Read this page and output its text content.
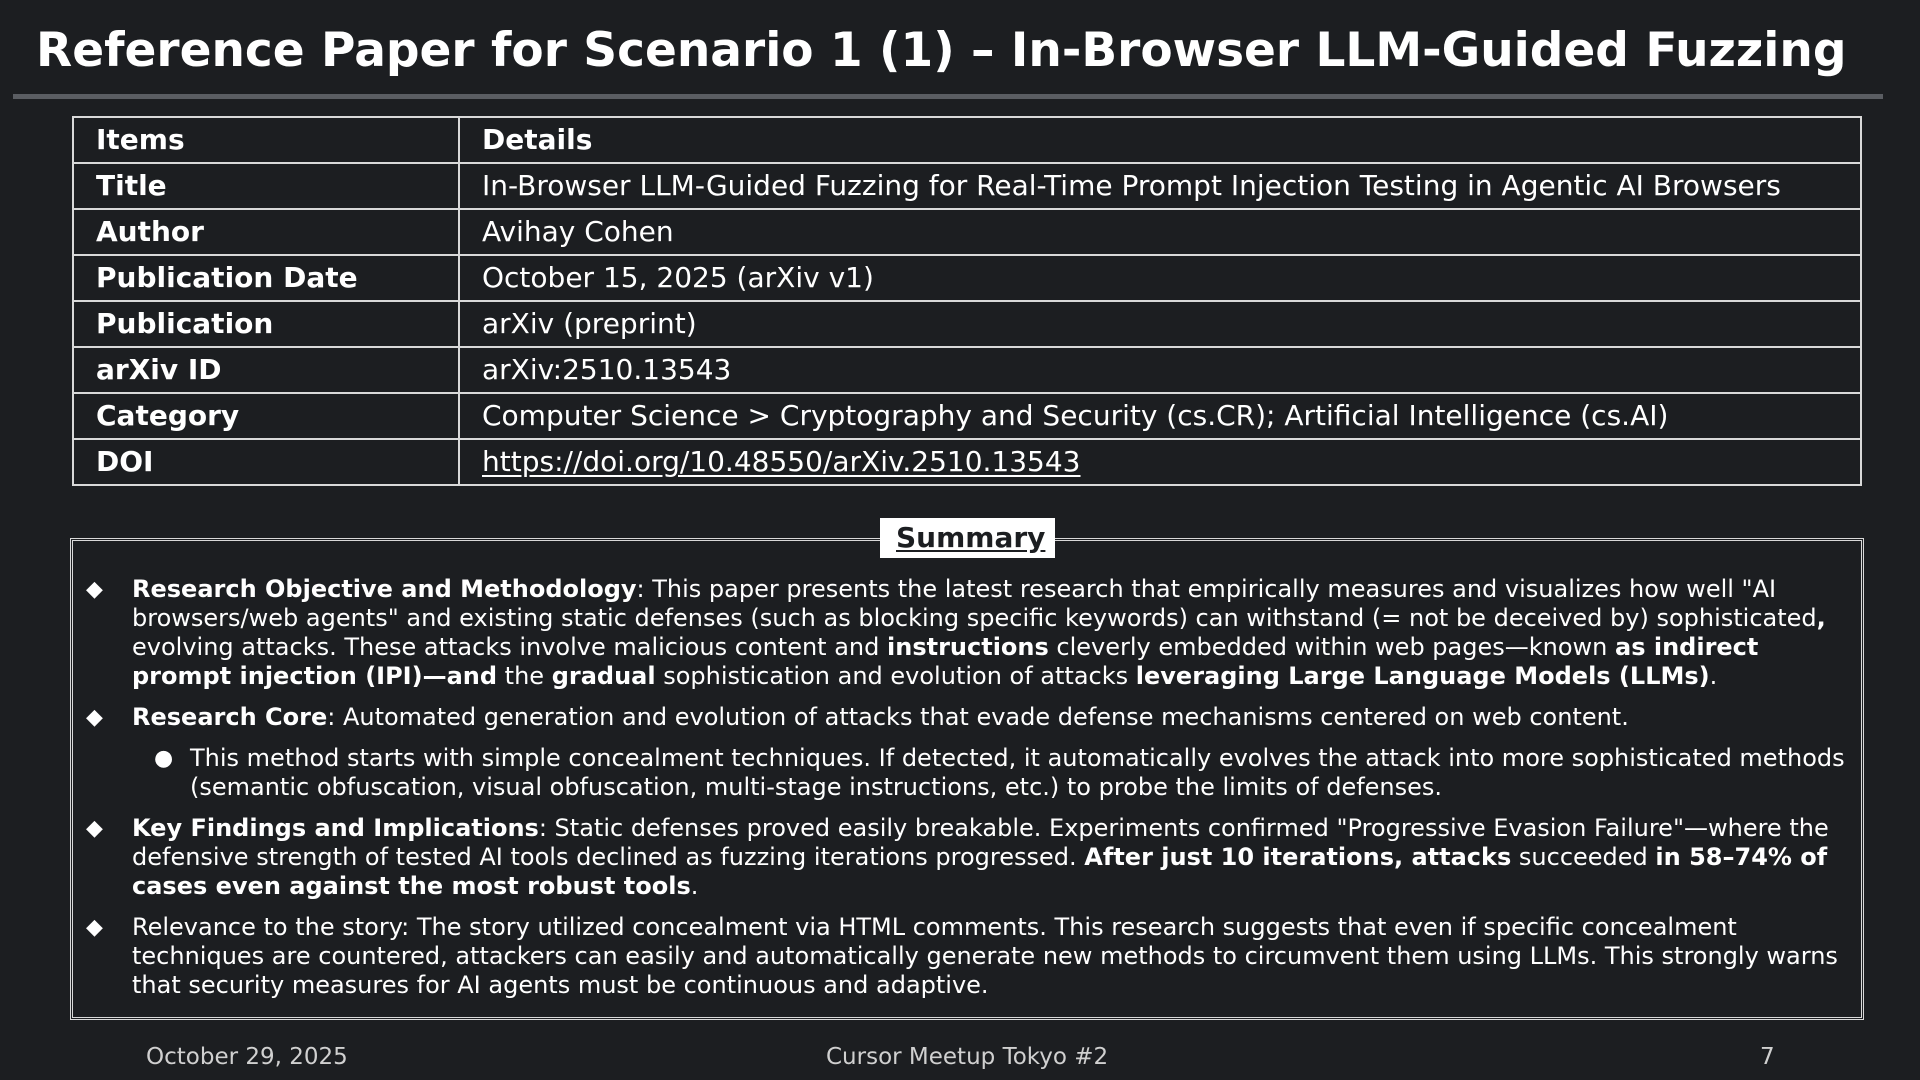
Reference Paper for Scenario 1 (1) – In-Browser LLM-Guided Fuzzing
Items	Details
Title	In-Browser LLM-Guided Fuzzing for Real-Time Prompt Injection Testing in Agentic AI Browsers
Author	Avihay Cohen
Publication Date	October 15, 2025 (arXiv v1)
Publication	arXiv (preprint)
arXiv ID	arXiv:2510.13543
Category	Computer Science > Cryptography and Security (cs.CR); Artificial Intelligence (cs.AI)
DOI	https://doi.org/10.48550/arXiv.2510.13543
Summary
◆ Research Objective and Methodology: This paper presents the latest research that empirically measures and visualizes how well "AI browsers/web agents" and existing static defenses (such as blocking specific keywords) can withstand (= not be deceived by) sophisticated, evolving attacks. These attacks involve malicious content and instructions cleverly embedded within web pages—known as indirect prompt injection (IPI)—and the gradual sophistication and evolution of attacks leveraging Large Language Models (LLMs).
◆ Research Core: Automated generation and evolution of attacks that evade defense mechanisms centered on web content.
● This method starts with simple concealment techniques. If detected, it automatically evolves the attack into more sophisticated methods (semantic obfuscation, visual obfuscation, multi-stage instructions, etc.) to probe the limits of defenses.
◆ Key Findings and Implications: Static defenses proved easily breakable. Experiments confirmed "Progressive Evasion Failure"—where the defensive strength of tested AI tools declined as fuzzing iterations progressed. After just 10 iterations, attacks succeeded in 58–74% of cases even against the most robust tools.
◆ Relevance to the story: The story utilized concealment via HTML comments. This research suggests that even if specific concealment techniques are countered, attackers can easily and automatically generate new methods to circumvent them using LLMs. This strongly warns that security measures for AI agents must be continuous and adaptive.
October 29, 2025	Cursor Meetup Tokyo #2	7
